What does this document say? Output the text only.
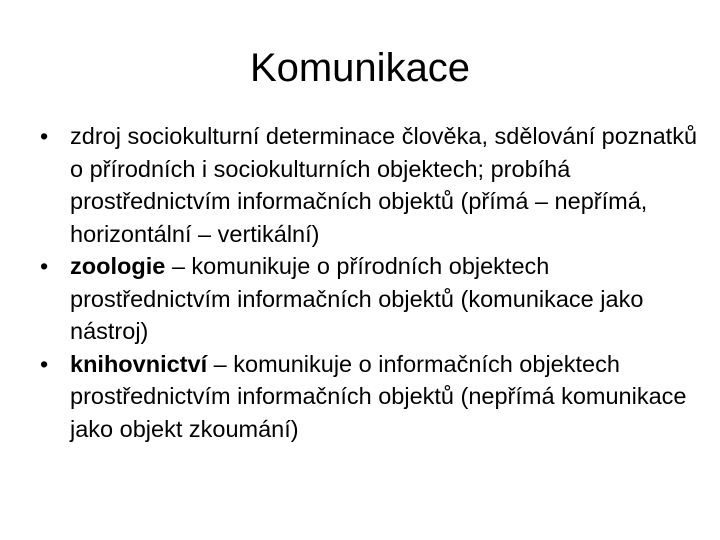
Komunikace
• zdroj sociokulturní determinace člověka, sdělování poznatků o přírodních i sociokulturních objektech; probíhá prostřednictvím informačních objektů (přímá – nepřímá, horizontální – vertikální)
• zoologie – komunikuje o přírodních objektech prostřednictvím informačních objektů (komunikace jako nástroj)
• knihovnictví – komunikuje o informačních objektech prostřednictvím informačních objektů (nepřímá komunikace jako objekt zkoumání)
